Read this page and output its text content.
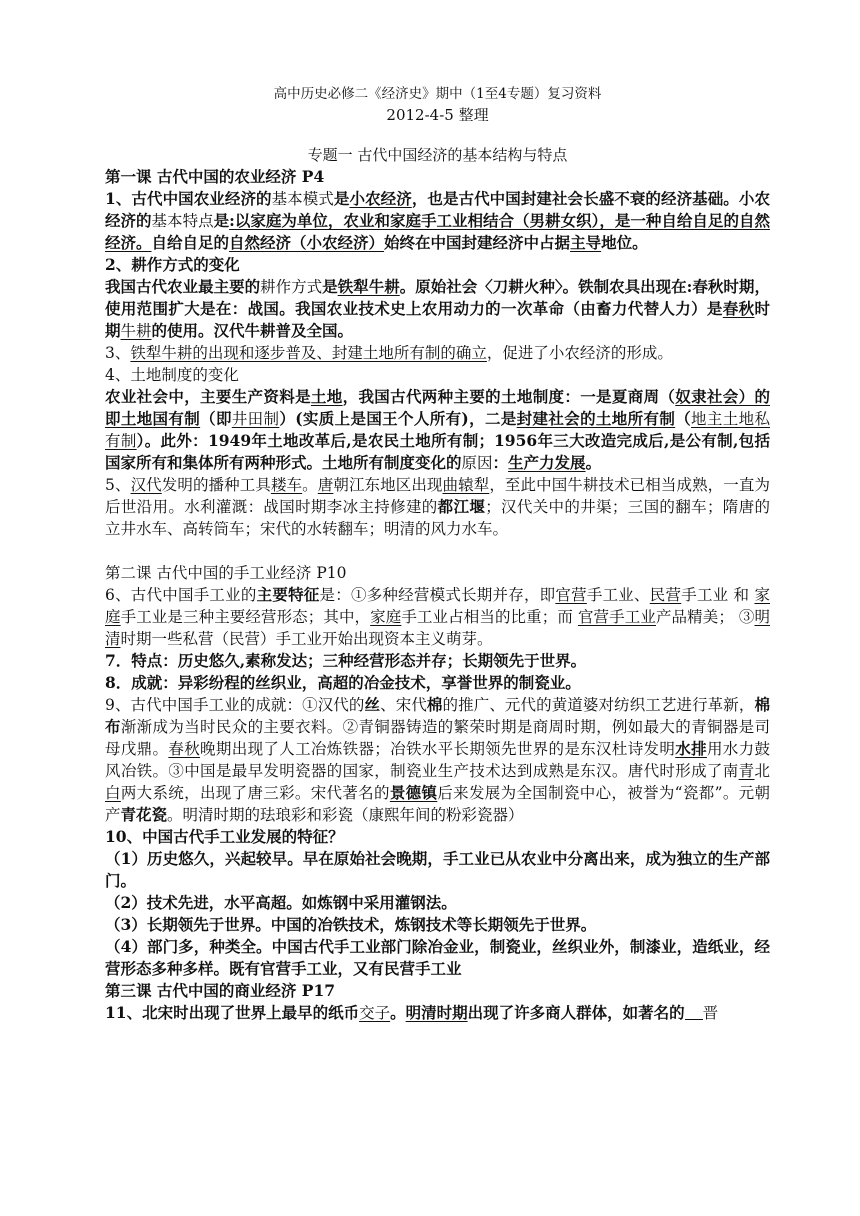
高中历史必修二《经济史》期中（1至4专题）复习资料

2012-4-5 整理

专题一 古代中国经济的基本结构与特点

第一课 古代中国的农业经济 P4

1、古代中国农业经济的基本模式是小农经济，也是古代中国封建社会长盛不衰的经济基础。小农经济的基本特点是:以家庭为单位，农业和家庭手工业相结合（男耕女织），是一种自给自足的自然经济。自给自足的自然经济（小农经济）始终在中国封建经济中占据主导地位。

2、耕作方式的变化

我国古代农业最主要的耕作方式是铁犁牛耕。原始社会〈刀耕火种〉。铁制农具出现在:春秋时期，使用范围扩大是在：战国。我国农业技术史上农用动力的一次革命（由畜力代替人力）是春秋时期牛耕的使用。汉代牛耕普及全国。

3、铁犁牛耕的出现和逐步普及、封建土地所有制的确立，促进了小农经济的形成。

4、土地制度的变化

农业社会中，主要生产资料是土地，我国古代两种主要的土地制度：一是夏商周（奴隶社会）的即土地国有制（即井田制）(实质上是国王个人所有)，二是封建社会的土地所有制（地主土地私有制）。此外：1949年土地改革后,是农民土地所有制；1956年三大改造完成后,是公有制,包括国家所有和集体所有两种形式。土地所有制度变化的原因：生产力发展。

5、汉代发明的播种工具耧车。唐朝江东地区出现曲辕犁，至此中国牛耕技术已相当成熟，一直为后世沿用。水利灌溉：战国时期李冰主持修建的都江堰；汉代关中的井渠；三国的翻车；隋唐的立井水车、高转筒车；宋代的水转翻车；明清的风力水车。

第二课 古代中国的手工业经济 P10

6、古代中国手工业的主要特征是：①多种经营模式长期并存，即官营手工业、民营手工业 和 家庭手工业是三种主要经营形态；其中，家庭手工业占相当的比重；而 官营手工业产品精美； ③明清时期一些私营（民营）手工业开始出现资本主义萌芽。

7．特点：历史悠久,素称发达；三种经营形态并存；长期领先于世界。

8．成就：异彩纷程的丝织业，高超的冶金技术，享誉世界的制瓷业。

9、古代中国手工业的成就：①汉代的丝、宋代棉的推广、元代的黄道婆对纺织工艺进行革新，棉布渐渐成为当时民众的主要衣料。②青铜器铸造的繁荣时期是商周时期，例如最大的青铜器是司母戊鼎。春秋晚期出现了人工冶炼铁器；冶铁水平长期领先世界的是东汉杜诗发明水排用水力鼓风冶铁。③中国是最早发明瓷器的国家，制瓷业生产技术达到成熟是东汉。唐代时形成了南青北白两大系统，出现了唐三彩。宋代著名的景德镇后来发展为全国制瓷中心，被誉为“瓷都”。元朝产青花瓷。明清时期的珐琅彩和彩瓷（康熙年间的粉彩瓷器）

10、中国古代手工业发展的特征？

（1）历史悠久，兴起较早。早在原始社会晚期，手工业已从农业中分离出来，成为独立的生产部门。

（2）技术先进，水平高超。如炼钢中采用灌钢法。

（3）长期领先于世界。中国的冶铁技术，炼钢技术等长期领先于世界。

（4）部门多，种类全。中国古代手工业部门除冶金业，制瓷业，丝织业外，制漆业，造纸业，经营形态多种多样。既有官营手工业，又有民营手工业

第三课 古代中国的商业经济 P17

11、北宋时出现了世界上最早的纸币交子。明清时期出现了许多商人群体，如著名的 晋
